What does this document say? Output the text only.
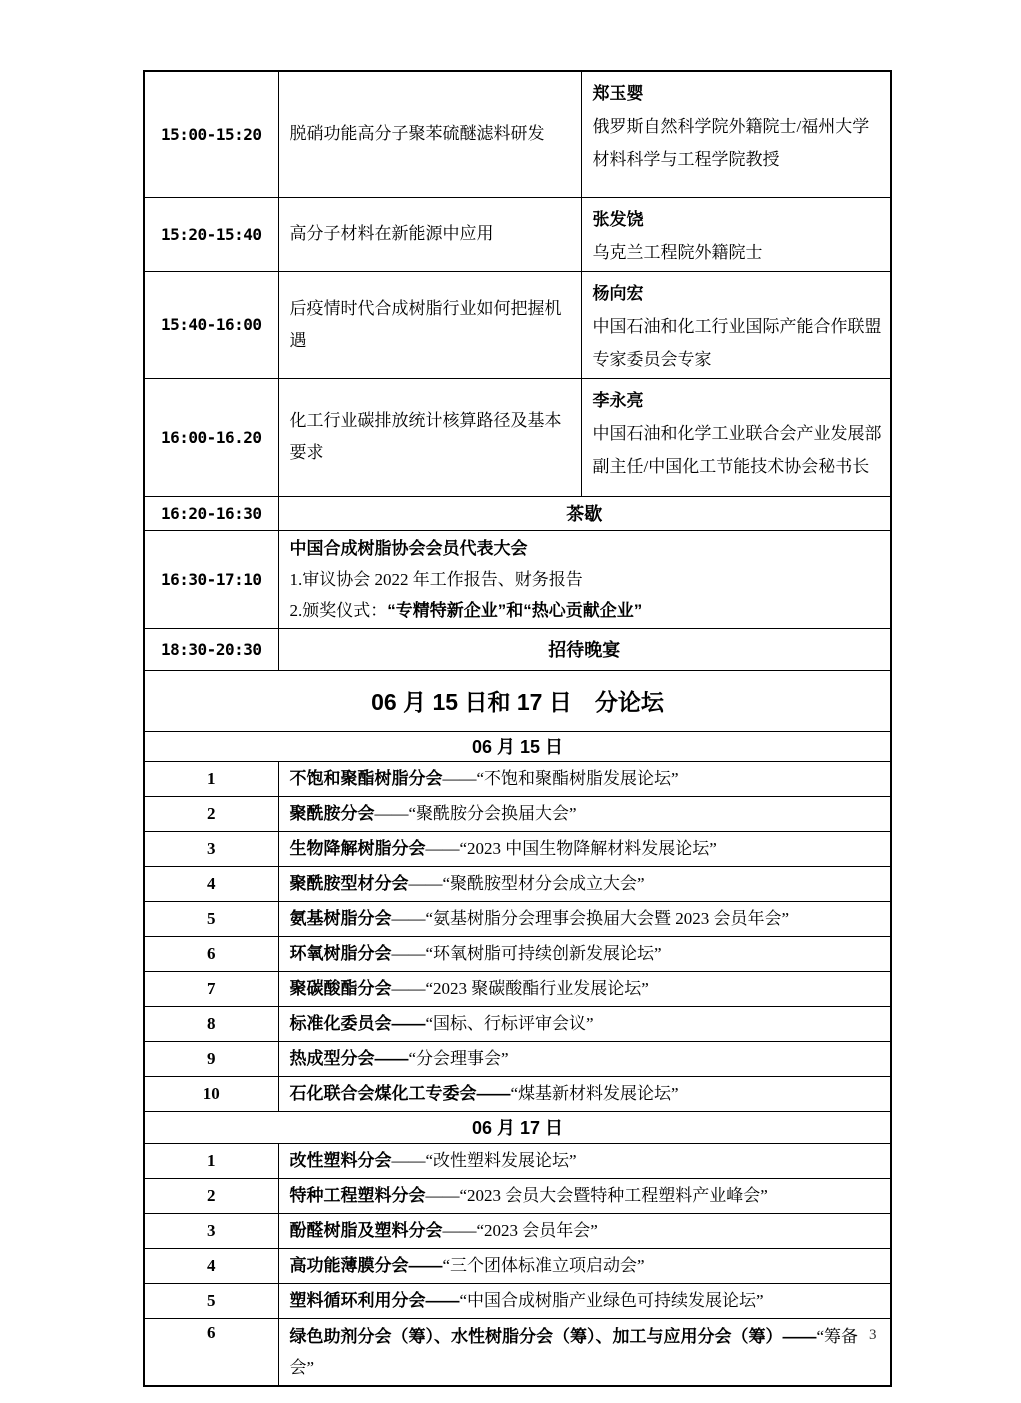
15:00-15:20	脱硝功能高分子聚苯硫醚滤料研发	郑玉婴
俄罗斯自然科学院外籍院士/福州大学材料科学与工程学院教授

15:20-15:40	高分子材料在新能源中应用	张发饶
乌克兰工程院外籍院士

15:40-16:00	后疫情时代合成树脂行业如何把握机遇	杨向宏
中国石油和化工行业国际产能合作联盟专家委员会专家

16:00-16.20	化工行业碳排放统计核算路径及基本要求	李永亮
中国石油和化学工业联合会产业发展部副主任/中国化工节能技术协会秘书长

16:20-16:30	茶歇	
16:30-17:10	中国合成树脂协会会员代表大会
1.审议协会 2022 年工作报告、财务报告
2.颁奖仪式：“专精特新企业”和“热心贡献企业”	

18:30-20:30	招待晚宴	
06 月 15 日和 17 日　分论坛		
06 月 15 日		
1	不饱和聚酯树脂分会——“不饱和聚酯树脂发展论坛”	
2	聚酰胺分会——“聚酰胺分会换届大会”	
3	生物降解树脂分会——“2023 中国生物降解材料发展论坛”	
4	聚酰胺型材分会——“聚酰胺型材分会成立大会”	
5	氨基树脂分会——“氨基树脂分会理事会换届大会暨 2023 会员年会”	
6	环氧树脂分会——“环氧树脂可持续创新发展论坛”	
7	聚碳酸酯分会——“2023 聚碳酸酯行业发展论坛”	
8	标准化委员会——“国标、行标评审会议”	
9	热成型分会——“分会理事会”	
10	石化联合会煤化工专委会——“煤基新材料发展论坛”	
06 月 17 日		
1	改性塑料分会——“改性塑料发展论坛”	
2	特种工程塑料分会——“2023 会员大会暨特种工程塑料产业峰会”	
3	酚醛树脂及塑料分会——“2023 会员年会”	
4	高功能薄膜分会——“三个团体标准立项启动会”	
5	塑料循环利用分会——“中国合成树脂产业绿色可持续发展论坛”	
6	绿色助剂分会（筹）、水性树脂分会（筹）、加工与应用分会（筹）——“筹备会”	
3
